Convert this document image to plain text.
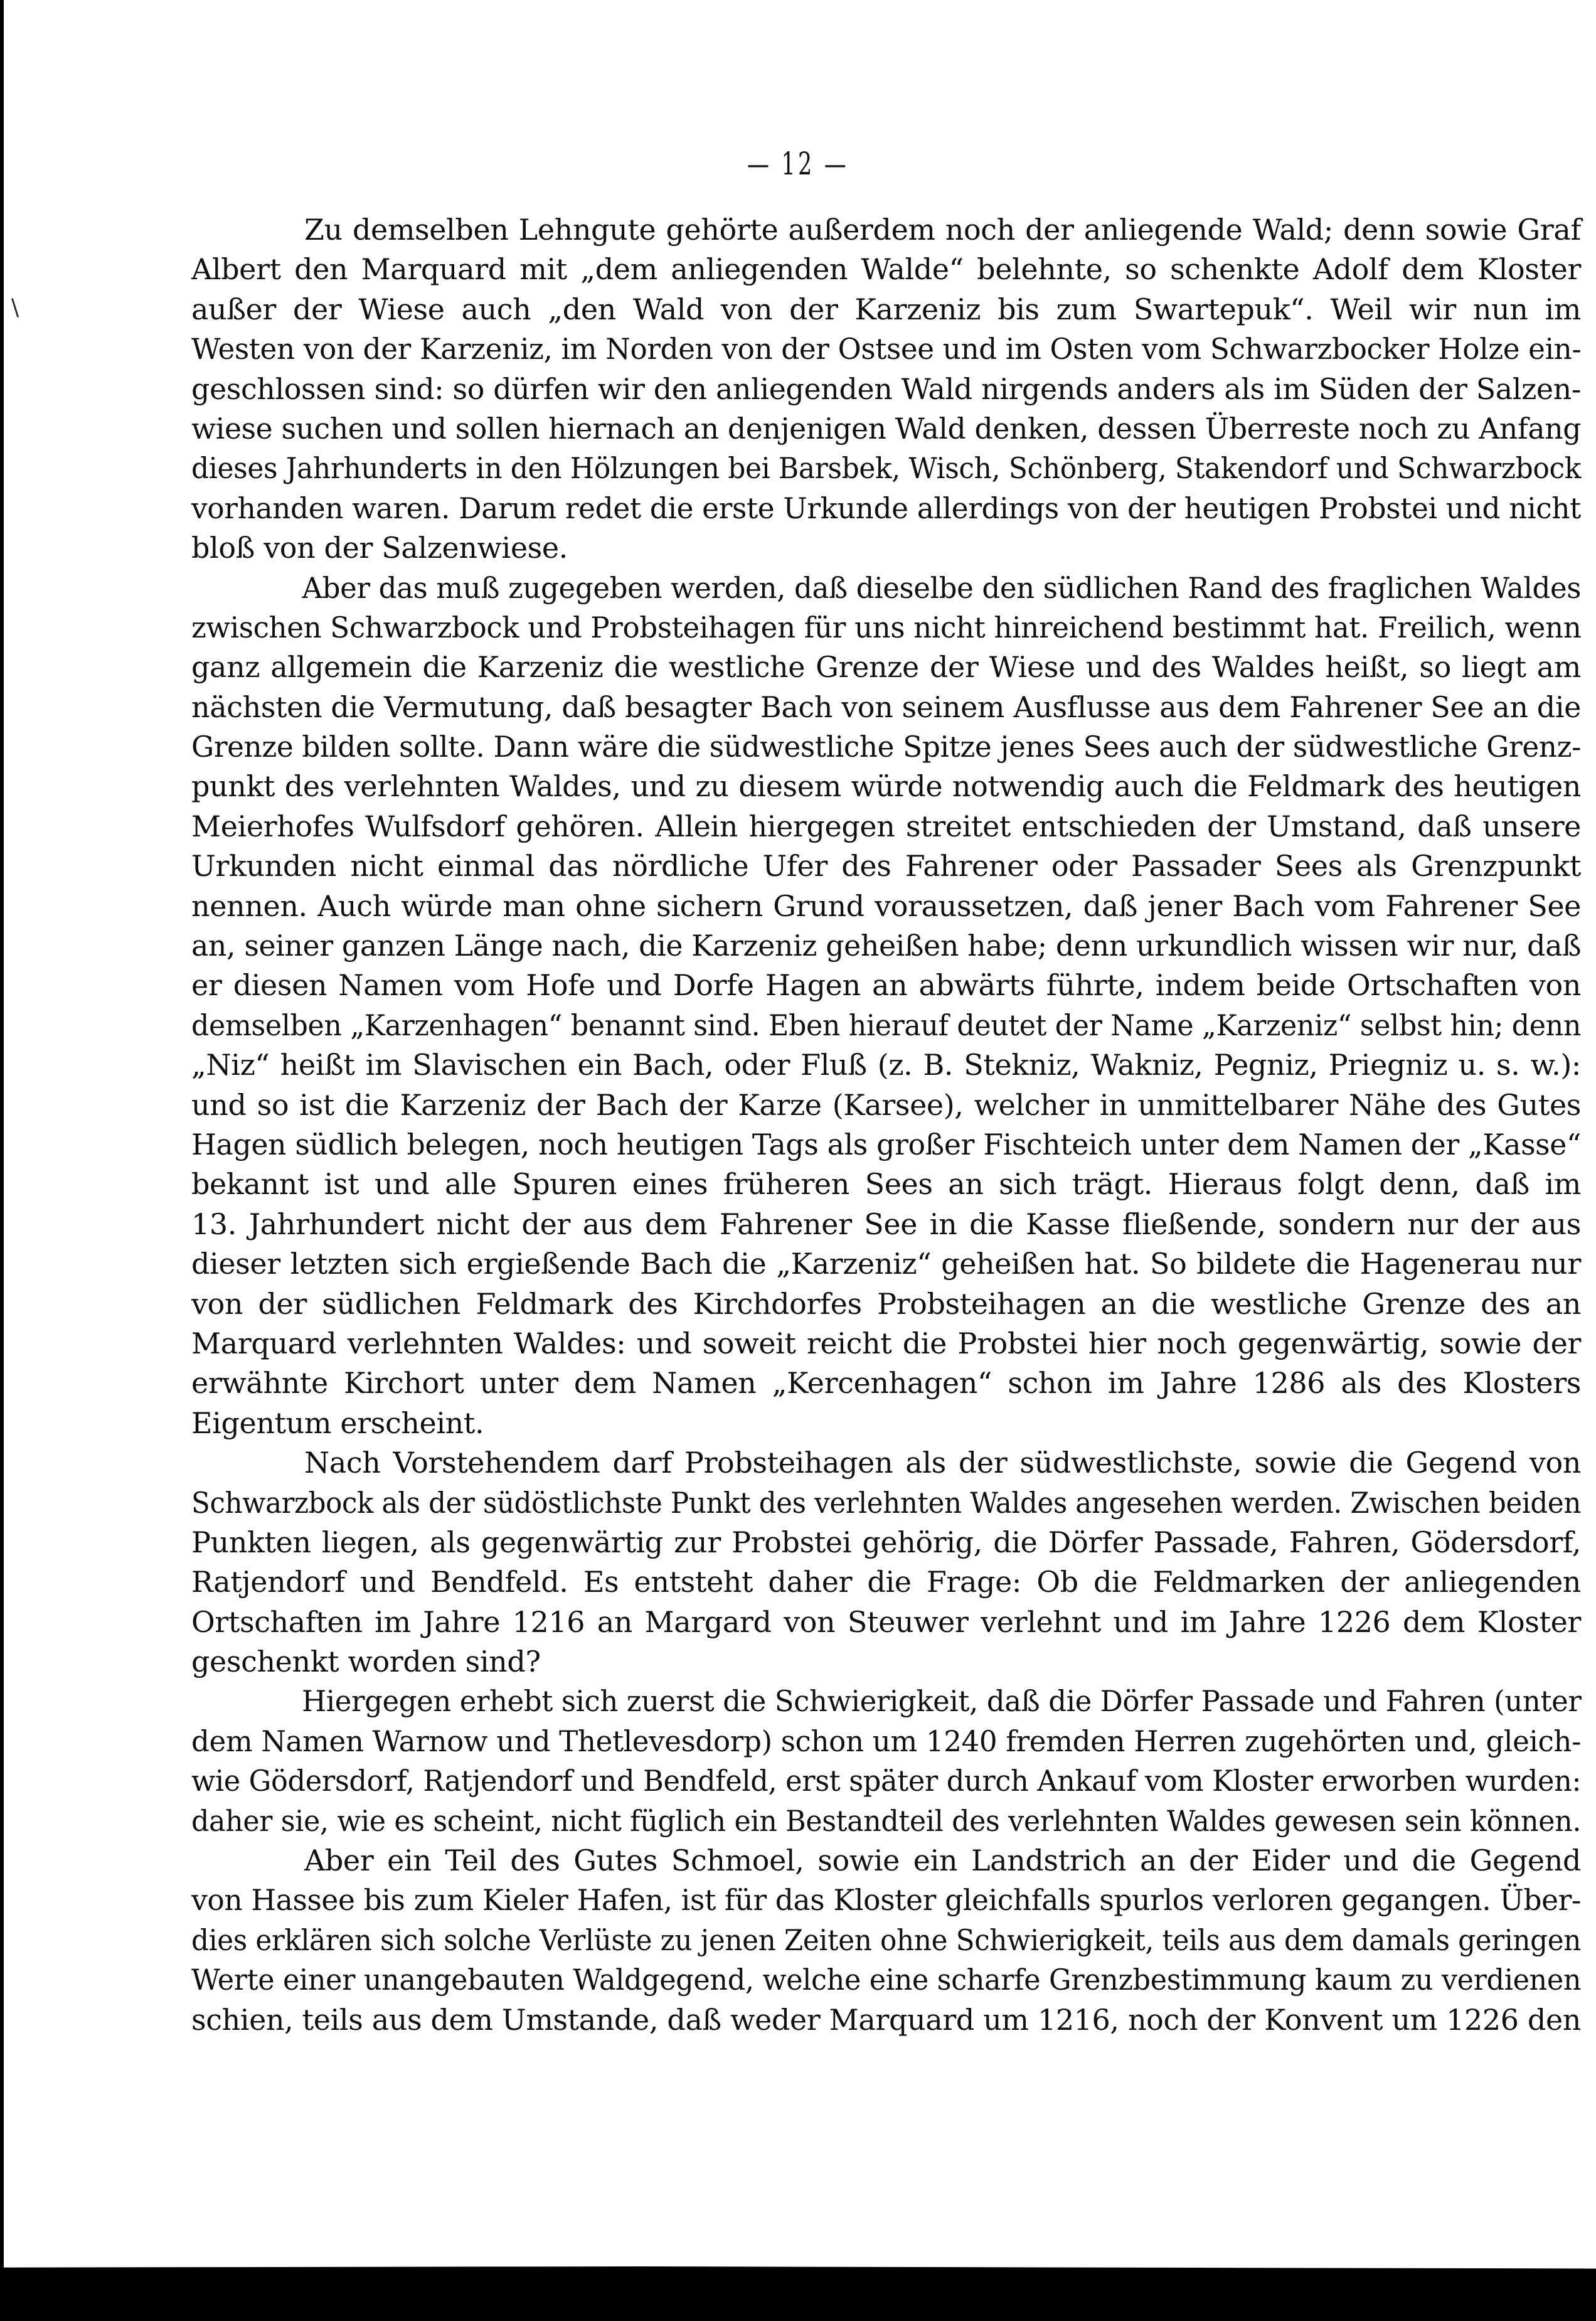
— 12 —
Zu demselben Lehngute gehörte außerdem noch der anliegende Wald; denn sowie Graf
Albert den Marquard mit „dem anliegenden Walde“ belehnte, so schenkte Adolf dem Kloster
außer der Wiese auch „den Wald von der Karzeniz bis zum Swartepuk“. Weil wir nun im
Westen von der Karzeniz, im Norden von der Ostsee und im Osten vom Schwarzbocker Holze ein-
geschlossen sind: so dürfen wir den anliegenden Wald nirgends anders als im Süden der Salzen-
wiese suchen und sollen hiernach an denjenigen Wald denken, dessen Überreste noch zu Anfang
dieses Jahrhunderts in den Hölzungen bei Barsbek, Wisch, Schönberg, Stakendorf und Schwarzbock
vorhanden waren. Darum redet die erste Urkunde allerdings von der heutigen Probstei und nicht
bloß von der Salzenwiese.
Aber das muß zugegeben werden, daß dieselbe den südlichen Rand des fraglichen Waldes
zwischen Schwarzbock und Probsteihagen für uns nicht hinreichend bestimmt hat. Freilich, wenn
ganz allgemein die Karzeniz die westliche Grenze der Wiese und des Waldes heißt, so liegt am
nächsten die Vermutung, daß besagter Bach von seinem Ausflusse aus dem Fahrener See an die
Grenze bilden sollte. Dann wäre die südwestliche Spitze jenes Sees auch der südwestliche Grenz-
punkt des verlehnten Waldes, und zu diesem würde notwendig auch die Feldmark des heutigen
Meierhofes Wulfsdorf gehören. Allein hiergegen streitet entschieden der Umstand, daß unsere
Urkunden nicht einmal das nördliche Ufer des Fahrener oder Passader Sees als Grenzpunkt
nennen. Auch würde man ohne sichern Grund voraussetzen, daß jener Bach vom Fahrener See
an, seiner ganzen Länge nach, die Karzeniz geheißen habe; denn urkundlich wissen wir nur, daß
er diesen Namen vom Hofe und Dorfe Hagen an abwärts führte, indem beide Ortschaften von
demselben „Karzenhagen“ benannt sind. Eben hierauf deutet der Name „Karzeniz“ selbst hin; denn
„Niz“ heißt im Slavischen ein Bach, oder Fluß (z. B. Stekniz, Wakniz, Pegniz, Priegniz u. s. w.):
und so ist die Karzeniz der Bach der Karze (Karsee), welcher in unmittelbarer Nähe des Gutes
Hagen südlich belegen, noch heutigen Tags als großer Fischteich unter dem Namen der „Kasse“
bekannt ist und alle Spuren eines früheren Sees an sich trägt. Hieraus folgt denn, daß im
13. Jahrhundert nicht der aus dem Fahrener See in die Kasse fließende, sondern nur der aus
dieser letzten sich ergießende Bach die „Karzeniz“ geheißen hat. So bildete die Hagenerau nur
von der südlichen Feldmark des Kirchdorfes Probsteihagen an die westliche Grenze des an
Marquard verlehnten Waldes: und soweit reicht die Probstei hier noch gegenwärtig, sowie der
erwähnte Kirchort unter dem Namen „Kercenhagen“ schon im Jahre 1286 als des Klosters
Eigentum erscheint.
Nach Vorstehendem darf Probsteihagen als der südwestlichste, sowie die Gegend von
Schwarzbock als der südöstlichste Punkt des verlehnten Waldes angesehen werden. Zwischen beiden
Punkten liegen, als gegenwärtig zur Probstei gehörig, die Dörfer Passade, Fahren, Gödersdorf,
Ratjendorf und Bendfeld. Es entsteht daher die Frage: Ob die Feldmarken der anliegenden
Ortschaften im Jahre 1216 an Margard von Steuwer verlehnt und im Jahre 1226 dem Kloster
geschenkt worden sind?
Hiergegen erhebt sich zuerst die Schwierigkeit, daß die Dörfer Passade und Fahren (unter
dem Namen Warnow und Thetlevesdorp) schon um 1240 fremden Herren zugehörten und, gleich-
wie Gödersdorf, Ratjendorf und Bendfeld, erst später durch Ankauf vom Kloster erworben wurden:
daher sie, wie es scheint, nicht füglich ein Bestandteil des verlehnten Waldes gewesen sein können.
Aber ein Teil des Gutes Schmoel, sowie ein Landstrich an der Eider und die Gegend
von Hassee bis zum Kieler Hafen, ist für das Kloster gleichfalls spurlos verloren gegangen. Über-
dies erklären sich solche Verlüste zu jenen Zeiten ohne Schwierigkeit, teils aus dem damals geringen
Werte einer unangebauten Waldgegend, welche eine scharfe Grenzbestimmung kaum zu verdienen
schien, teils aus dem Umstande, daß weder Marquard um 1216, noch der Konvent um 1226 den
\
